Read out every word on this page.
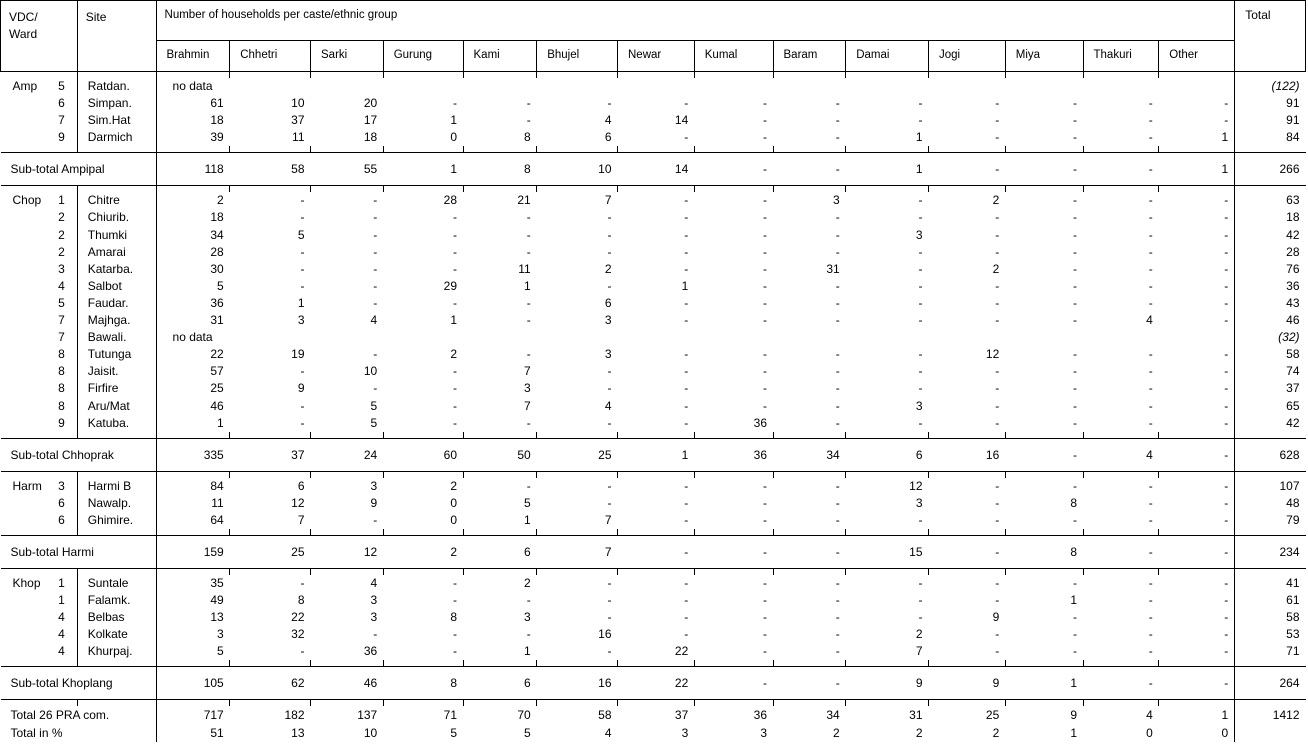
VDC/
Ward	Site	Number of households per caste/ethnic group														Total
		Brahmin	Chhetri	Sarki	Gurung	Kami	Bhujel	Newar	Kumal	Baram	Damai	Jogi	Miya	Thakuri	Other	

Amp 5	Ratdan.	no data														(122)

6	Simpan.	61	10	20	-	-	-	-	-	-	-	-	-	-	-	91

7	Sim.Hat	18	37	17	1	-	4	14	-	-	-	-	-	-	-	91

9	Darmich	39	11	18	0	8	6	-	-	-	1	-	-	-	1	84

Sub-total Ampipal		118	58	55	1	8	10	14	-	-	1	-	-	-	1	266

Chop 1	Chitre	2	-	-	28	21	7	-	-	3	-	2	-	-	-	63

2	Chiurib.	18	-	-	-	-	-	-	-	-	-	-	-	-	-	18

2	Thumki	34	5	-	-	-	-	-	-	-	3	-	-	-	-	42

2	Amarai	28	-	-	-	-	-	-	-	-	-	-	-	-	-	28

3	Katarba.	30	-	-	-	11	2	-	-	31	-	2	-	-	-	76

4	Salbot	5	-	-	29	1	-	1	-	-	-	-	-	-	-	36

5	Faudar.	36	1	-	-	-	6	-	-	-	-	-	-	-	-	43

7	Majhga.	31	3	4	1	-	3	-	-	-	-	-	-	4	-	46

7	Bawali.	no data														(32)

8	Tutunga	22	19	-	2	-	3	-	-	-	-	12	-	-	-	58

8	Jaisit.	57	-	10	-	7	-	-	-	-	-	-	-	-	-	74

8	Firfire	25	9	-	-	3	-	-	-	-	-	-	-	-	-	37

8	Aru/Mat	46	-	5	-	7	4	-	-	-	3	-	-	-	-	65

9	Katuba.	1	-	5	-	-	-	-	36	-	-	-	-	-	-	42

Sub-total Chhoprak		335	37	24	60	50	25	1	36	34	6	16	-	4	-	628

Harm 3	Harmi B	84	6	3	2	-	-	-	-	-	12	-	-	-	-	107

6	Nawalp.	11	12	9	0	5	-	-	-	-	3	-	8	-	-	48

6	Ghimire.	64	7	-	0	1	7	-	-	-	-	-	-	-	-	79

Sub-total Harmi		159	25	12	2	6	7	-	-	-	15	-	8	-	-	234

Khop 1	Suntale	35	-	4	-	2	-	-	-	-	-	-	-	-	-	41

1	Falamk.	49	8	3	-	-	-	-	-	-	-	-	1	-	-	61

4	Belbas	13	22	3	8	3	-	-	-	-	-	9	-	-	-	58

4	Kolkate	3	32	-	-	-	16	-	-	-	2	-	-	-	-	53

4	Khurpaj.	5	-	36	-	1	-	22	-	-	7	-	-	-	-	71

Sub-total Khoplang		105	62	46	8	6	16	22	-	-	9	9	1	-	-	264

Total 26 PRA com.		717	182	137	71	70	58	37	36	34	31	25	9	4	1	1412
Total in %		51	13	10	5	5	4	3	3	2	2	2	1	0	0	
